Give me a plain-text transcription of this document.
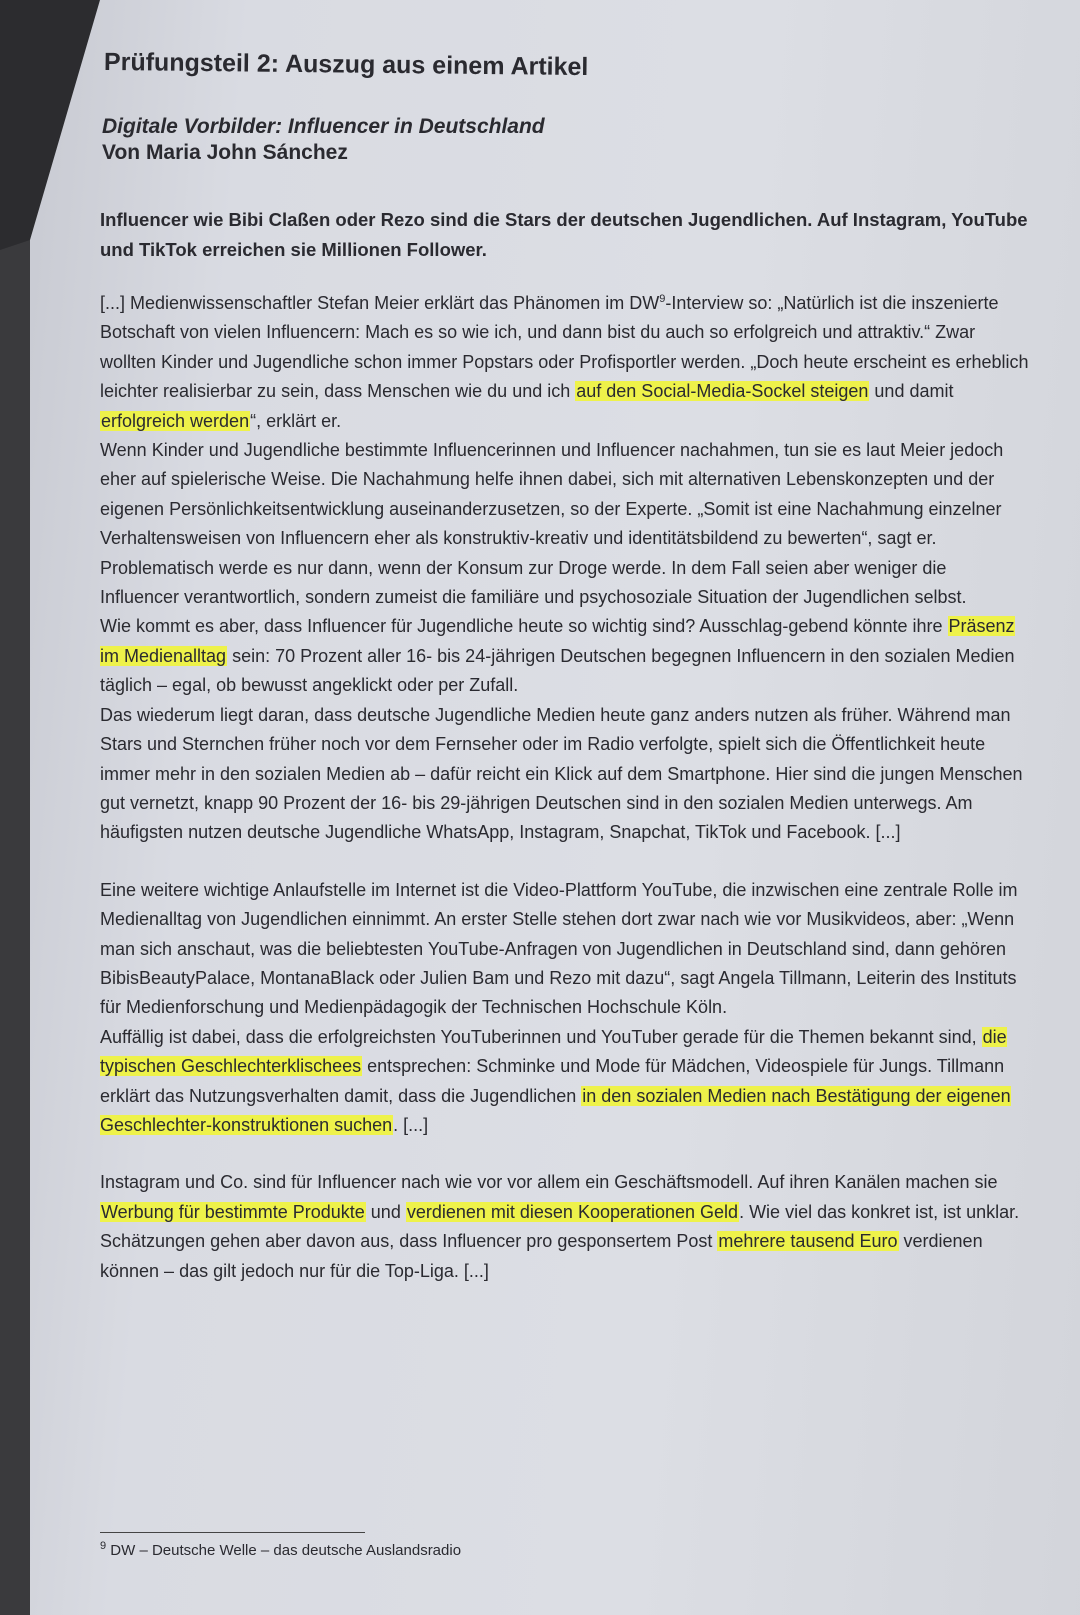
Prüfungsteil 2: Auszug aus einem Artikel
Digitale Vorbilder: Influencer in Deutschland
Von Maria John Sánchez
Influencer wie Bibi Claßen oder Rezo sind die Stars der deutschen Jugendlichen. Auf Instagram, YouTube und TikTok erreichen sie Millionen Follower.

[...] Medienwissenschaftler Stefan Meier erklärt das Phänomen im $DW^9$-Interview so: „Natürlich ist die inszenierte Botschaft von vielen Influencern: Mach es so wie ich, und dann bist du auch so erfolgreich und attraktiv.“ Zwar wollten Kinder und Jugendliche schon immer Popstars oder Profisportler werden. „Doch heute erscheint es erheblich leichter realisierbar zu sein, dass Menschen wie du und ich auf den Social-Media-Sockel steigen und damit erfolgreich werden“, erklärt er.

Wenn Kinder und Jugendliche bestimmte Influencerinnen und Influencer nachahmen, tun sie es laut Meier jedoch eher auf spielerische Weise. Die Nachahmung helfe ihnen dabei, sich mit alternativen Lebenskonzepten und der eigenen Persönlichkeitsentwicklung auseinanderzusetzen, so der Experte. „Somit ist eine Nachahmung einzelner Verhaltensweisen von Influencern eher als konstruktiv-kreativ und identitätsbildend zu bewerten“, sagt er. Problematisch werde es nur dann, wenn der Konsum zur Droge werde. In dem Fall seien aber weniger die Influencer verantwortlich, sondern zumeist die familiäre und psychosoziale Situation der Jugendlichen selbst.

Wie kommt es aber, dass Influencer für Jugendliche heute so wichtig sind? Ausschlag-gebend könnte ihre Präsenz im Medienalltag sein: 70 Prozent aller 16- bis 24-jährigen Deutschen begegnen Influencern in den sozialen Medien täglich – egal, ob bewusst angeklickt oder per Zufall.

Das wiederum liegt daran, dass deutsche Jugendliche Medien heute ganz anders nutzen als früher. Während man Stars und Sternchen früher noch vor dem Fernseher oder im Radio verfolgte, spielt sich die Öffentlichkeit heute immer mehr in den sozialen Medien ab – dafür reicht ein Klick auf dem Smartphone. Hier sind die jungen Menschen gut vernetzt, knapp 90 Prozent der 16- bis 29-jährigen Deutschen sind in den sozialen Medien unterwegs. Am häufigsten nutzen deutsche Jugendliche WhatsApp, Instagram, Snapchat, TikTok und Facebook. [...]

Eine weitere wichtige Anlaufstelle im Internet ist die Video-Plattform YouTube, die inzwischen eine zentrale Rolle im Medienalltag von Jugendlichen einnimmt. An erster Stelle stehen dort zwar nach wie vor Musikvideos, aber: „Wenn man sich anschaut, was die beliebtesten YouTube-Anfragen von Jugendlichen in Deutschland sind, dann gehören BibisBeautyPalace, MontanaBlack oder Julien Bam und Rezo mit dazu“, sagt Angela Tillmann, Leiterin des Instituts für Medienforschung und Medienpädagogik der Technischen Hochschule Köln.

Auffällig ist dabei, dass die erfolgreichsten YouTuberinnen und YouTuber gerade für die Themen bekannt sind, die typischen Geschlechterklischees entsprechen: Schminke und Mode für Mädchen, Videospiele für Jungs. Tillmann erklärt das Nutzungsverhalten damit, dass die Jugendlichen in den sozialen Medien nach Bestätigung der eigenen Geschlechter-konstruktionen suchen. [...]

Instagram und Co. sind für Influencer nach wie vor vor allem ein Geschäftsmodell. Auf ihren Kanälen machen sie Werbung für bestimmte Produkte und verdienen mit diesen Kooperationen Geld. Wie viel das konkret ist, ist unklar. Schätzungen gehen aber davon aus, dass Influencer pro gesponsertem Post mehrere tausend Euro verdienen können – das gilt jedoch nur für die Top-Liga. [...]

$^9$ DW – Deutsche Welle – das deutsche Auslandsradio
